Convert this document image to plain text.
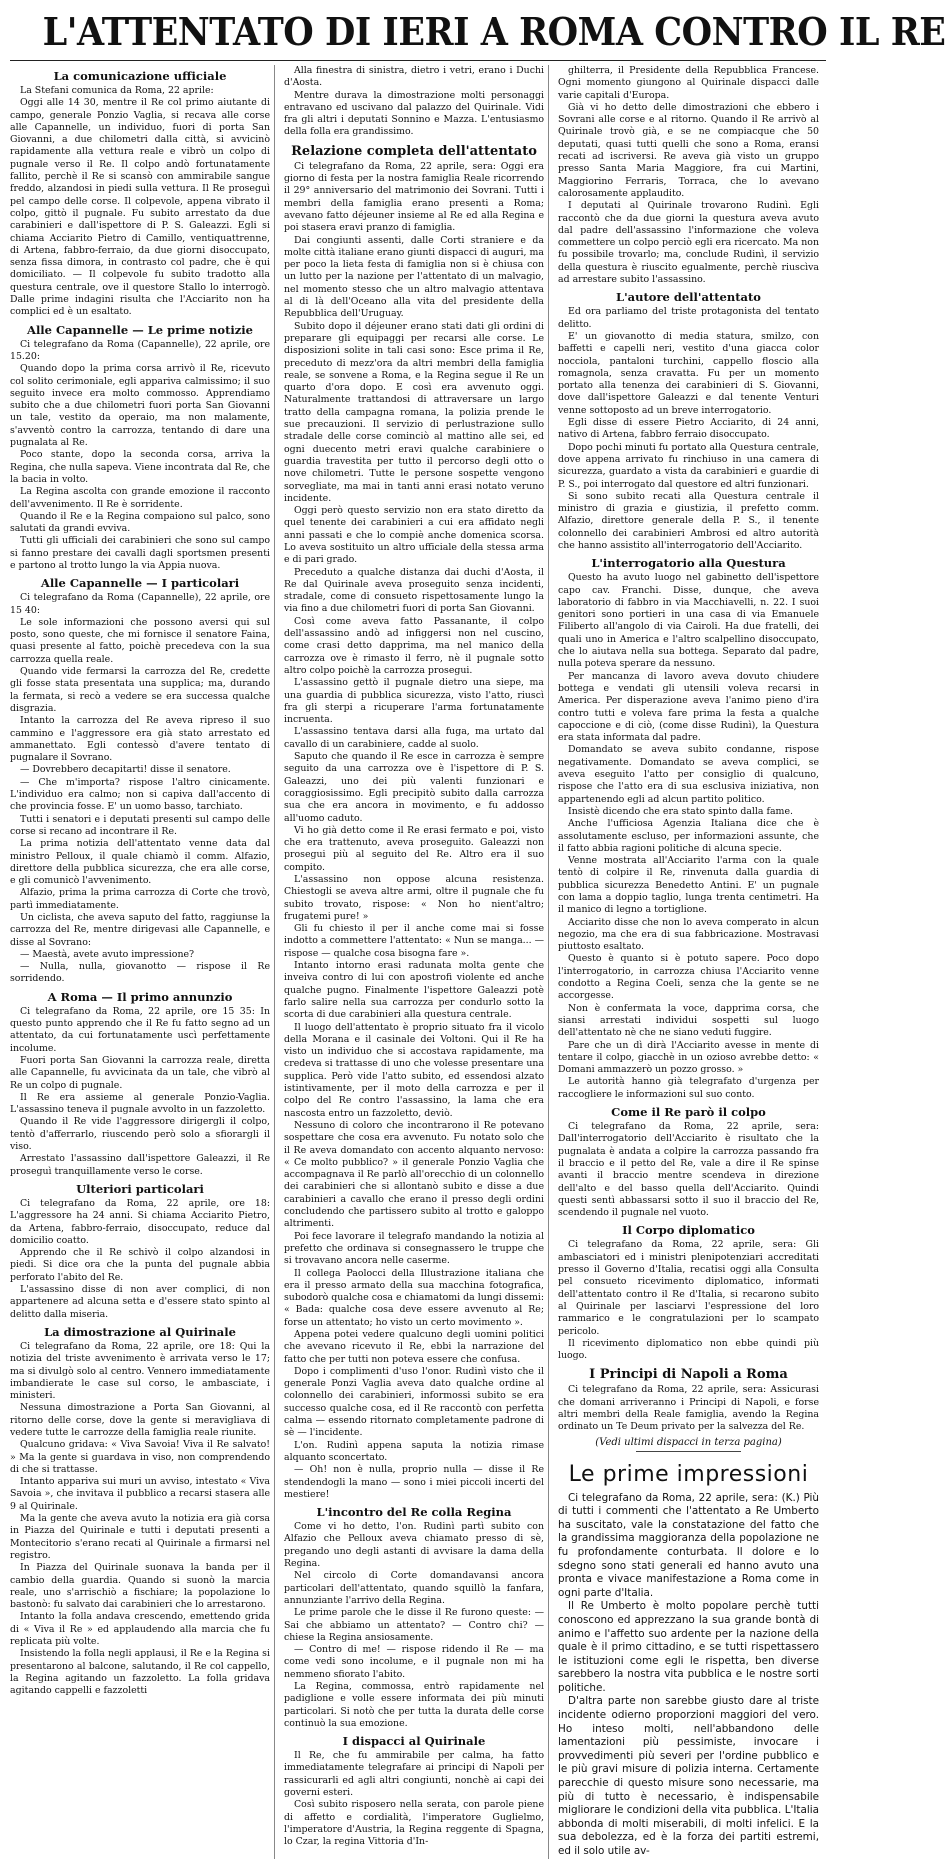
L'ATTENTATO DI IERI A ROMA CONTRO IL RE
La comunicazione ufficiale

La Stefani comunica da Roma, 22 aprile:

Oggi alle 14 30, mentre il Re col primo aiutante di campo, generale Ponzio Vaglia, si recava alle corse alle Capannelle, un individuo, fuori di porta San Giovanni, a due chilometri dalla città, si avvicinò rapidamente alla vettura reale e vibrò un colpo di pugnale verso il Re. Il colpo andò fortunatamente fallito, perchè il Re si scansò con ammirabile sangue freddo, alzandosi in piedi sulla vettura. Il Re proseguì pel campo delle corse. Il colpevole, appena vibrato il colpo, gittò il pugnale. Fu subito arrestato da due carabinieri e dall'ispettore di P. S. Galeazzi. Egli si chiama Acciarito Pietro di Camillo, ventiquattrenne, di Artena, fabbro-ferraio, da due giorni disoccupato, senza fissa dimora, in contrasto col padre, che è qui domiciliato. — Il colpevole fu subito tradotto alla questura centrale, ove il questore Stallo lo interrogò. Dalle prime indagini risulta che l'Acciarito non ha complici ed è un esaltato.

Alle Capannelle — Le prime notizie

Ci telegrafano da Roma (Capannelle), 22 aprile, ore 15.20:

Quando dopo la prima corsa arrivò il Re, ricevuto col solito cerimoniale, egli appariva calmissimo; il suo seguito invece era molto commosso. Apprendiamo subito che a due chilometri fuori porta San Giovanni un tale, vestito da operaio, ma non malamente, s'avventò contro la carrozza, tentando di dare una pugnalata al Re.

Poco stante, dopo la seconda corsa, arriva la Regina, che nulla sapeva. Viene incontrata dal Re, che la bacia in volto.

La Regina ascolta con grande emozione il racconto dell'avvenimento. Il Re è sorridente.

Quando il Re e la Regina compaiono sul palco, sono salutati da grandi evviva.

Tutti gli ufficiali dei carabinieri che sono sul campo si fanno prestare dei cavalli dagli sportsmen presenti e partono al trotto lungo la via Appia nuova.

Alle Capannelle — I particolari

Ci telegrafano da Roma (Capannelle), 22 aprile, ore 15 40:

Le sole informazioni che possono aversi qui sul posto, sono queste, che mi fornisce il senatore Faina, quasi presente al fatto, poichè precedeva con la sua carrozza quella reale.

Quando vide fermarsi la carrozza del Re, credette gli fosse stata presentata una supplica; ma, durando la fermata, si recò a vedere se era successa qualche disgrazia.

Intanto la carrozza del Re aveva ripreso il suo cammino e l'aggressore era già stato arrestato ed ammanettato. Egli contessò d'avere tentato di pugnalare il Sovrano.

— Dovrebbero decapitarti! disse il senatore.

— Che m'importa? rispose l'altro cinicamente. L'individuo era calmo; non si capiva dall'accento di che provincia fosse. E' un uomo basso, tarchiato.

Tutti i senatori e i deputati presenti sul campo delle corse si recano ad incontrare il Re.

La prima notizia dell'attentato venne data dal ministro Pelloux, il quale chiamò il comm. Alfazio, direttore della pubblica sicurezza, che era alle corse, e gli comunicò l'avvenimento.

Alfazio, prima la prima carrozza di Corte che trovò, partì immediatamente.

Un ciclista, che aveva saputo del fatto, raggiunse la carrozza del Re, mentre dirigevasi alle Capannelle, e disse al Sovrano:

— Maestà, avete avuto impressione?

— Nulla, nulla, giovanotto — rispose il Re sorridendo.

A Roma — Il primo annunzio

Ci telegrafano da Roma, 22 aprile, ore 15 35: In questo punto apprendo che il Re fu fatto segno ad un attentato, da cui fortunatamente uscì perfettamente incolume.

Fuori porta San Giovanni la carrozza reale, diretta alle Capannelle, fu avvicinata da un tale, che vibrò al Re un colpo di pugnale.

Il Re era assieme al generale Ponzio-Vaglia. L'assassino teneva il pugnale avvolto in un fazzoletto.

Quando il Re vide l'aggressore dirigergli il colpo, tentò d'afferrarlo, riuscendo però solo a sfiorargli il viso.

Arrestato l'assassino dall'ispettore Galeazzi, il Re proseguì tranquillamente verso le corse.

Ulteriori particolari

Ci telegrafano da Roma, 22 aprile, ore 18: L'aggressore ha 24 anni. Si chiama Acciarito Pietro, da Artena, fabbro-ferraio, disoccupato, reduce dal domicilio coatto.

Apprendo che il Re schivò il colpo alzandosi in piedi. Si dice ora che la punta del pugnale abbia perforato l'abito del Re.

L'assassino disse di non aver complici, di non appartenere ad alcuna setta e d'essere stato spinto al delitto dalla miseria.

La dimostrazione al Quirinale

Ci telegrafano da Roma, 22 aprile, ore 18: Qui la notizia del triste avvenimento è arrivata verso le 17; ma si divulgò solo al centro. Vennero immediatamente imbandierate le case sul corso, le ambasciate, i ministeri.

Nessuna dimostrazione a Porta San Giovanni, al ritorno delle corse, dove la gente si meravigliava di vedere tutte le carrozze della famiglia reale riunite.

Qualcuno gridava: « Viva Savoia! Viva il Re salvato! » Ma la gente si guardava in viso, non comprendendo di che si trattasse.

Intanto appariva sui muri un avviso, intestato « Viva Savoia », che invitava il pubblico a recarsi stasera alle 9 al Quirinale.

Ma la gente che aveva avuto la notizia era già corsa in Piazza del Quirinale e tutti i deputati presenti a Montecitorio s'erano recati al Quirinale a firmarsi nel registro.

In Piazza del Quirinale suonava la banda per il cambio della guardia. Quando si suonò la marcia reale, uno s'arrischiò a fischiare; la popolazione lo bastonò: fu salvato dai carabinieri che lo arrestarono.

Intanto la folla andava crescendo, emettendo grida di « Viva il Re » ed applaudendo alla marcia che fu replicata più volte.

Insistendo la folla negli applausi, il Re e la Regina si presentarono al balcone, salutando, il Re col cappello, la Regina agitando un fazzoletto. La folla gridava agitando cappelli e fazzoletti

Alla finestra di sinistra, dietro i vetri, erano i Duchi d'Aosta.

Mentre durava la dimostrazione molti personaggi entravano ed uscivano dal palazzo del Quirinale. Vidi fra gli altri i deputati Sonnino e Mazza. L'entusiasmo della folla era grandissimo.

Relazione completa dell'attentato

Ci telegrafano da Roma, 22 aprile, sera: Oggi era giorno di festa per la nostra famiglia Reale ricorrendo il 29° anniversario del matrimonio dei Sovrani. Tutti i membri della famiglia erano presenti a Roma; avevano fatto déjeuner insieme al Re ed alla Regina e poi stasera eravi pranzo di famiglia.

Dai congiunti assenti, dalle Corti straniere e da molte città italiane erano giunti dispacci di auguri, ma per poco la lieta festa di famiglia non si è chiusa con un lutto per la nazione per l'attentato di un malvagio, nel momento stesso che un altro malvagio attentava al di là dell'Oceano alla vita del presidente della Repubblica dell'Uruguay.

Subito dopo il déjeuner erano stati dati gli ordini di preparare gli equipaggi per recarsi alle corse. Le disposizioni solite in tali casi sono: Esce prima il Re, preceduto di mezz'ora da altri membri della famiglia reale, se sonvene a Roma, e la Regina segue il Re un quarto d'ora dopo. E così era avvenuto oggi. Naturalmente trattandosi di attraversare un largo tratto della campagna romana, la polizia prende le sue precauzioni. Il servizio di perlustrazione sullo stradale delle corse cominciò al mattino alle sei, ed ogni duecento metri eravi qualche carabiniere o guardia travestita per tutto il percorso degli otto o nove chilometri. Tutte le persone sospette vengono sorvegliate, ma mai in tanti anni erasi notato veruno incidente.

Oggi però questo servizio non era stato diretto da quel tenente dei carabinieri a cui era affidato negli anni passati e che lo compiè anche domenica scorsa. Lo aveva sostituito un altro ufficiale della stessa arma e di pari grado.

Preceduto a qualche distanza dai duchi d'Aosta, il Re dal Quirinale aveva proseguito senza incidenti, stradale, come di consueto rispettosamente lungo la via fino a due chilometri fuori di porta San Giovanni.

Così come aveva fatto Passanante, il colpo dell'assassino andò ad infiggersi non nel cuscino, come crasi detto dapprima, ma nel manico della carrozza ove è rimasto il ferro, nè il pugnale sotto altro colpo poichè la carrozza prosegui.

L'assassino gettò il pugnale dietro una siepe, ma una guardia di pubblica sicurezza, visto l'atto, riuscì fra gli sterpi a ricuperare l'arma fortunatamente incruenta.

L'assassino tentava darsi alla fuga, ma urtato dal cavallo di un carabiniere, cadde al suolo.

Saputo che quando il Re esce in carrozza è sempre seguito da una carrozza ove è l'ispettore di P. S. Galeazzi, uno dei più valenti funzionari e coraggiosissimo. Egli precipitò subito dalla carrozza sua che era ancora in movimento, e fu addosso all'uomo caduto.

Vi ho già detto come il Re erasi fermato e poi, visto che era trattenuto, aveva proseguito. Galeazzi non prosegui più al seguito del Re. Altro era il suo compito.

L'assassino non oppose alcuna resistenza. Chiestogli se aveva altre armi, oltre il pugnale che fu subito trovato, rispose: « Non ho nient'altro; frugatemi pure! »

Gli fu chiesto il per il anche come mai si fosse indotto a commettere l'attentato: « Nun se manga... — rispose — qualche cosa bisogna fare ».

Intanto intorno erasi radunata molta gente che inveiva contro di lui con apostrofi violente ed anche qualche pugno. Finalmente l'ispettore Galeazzi potè farlo salire nella sua carrozza per condurlo sotto la scorta di due carabinieri alla questura centrale.

Il luogo dell'attentato è proprio situato fra il vicolo della Morana e il casinale dei Voltoni. Qui il Re ha visto un individuo che si accostava rapidamente, ma credeva si trattasse di uno che volesse presentare una supplica. Però vide l'atto subito, ed essendosi alzato istintivamente, per il moto della carrozza e per il colpo del Re contro l'assassino, la lama che era nascosta entro un fazzoletto, deviò.

Nessuno di coloro che incontrarono il Re potevano sospettare che cosa era avvenuto. Fu notato solo che il Re aveva domandato con accento alquanto nervoso: « Ce molto pubblico? » il generale Ponzio Vaglia che accompagnava il Re parlò all'orecchio di un colonnello dei carabinieri che si allontanò subito e disse a due carabinieri a cavallo che erano il presso degli ordini concludendo che partissero subito al trotto e galoppo altrimenti.

Poi fece lavorare il telegrafo mandando la notizia al prefetto che ordinava si consegnassero le truppe che si trovavano ancora nelle caserme.

Il collega Paolocci della Illustrazione italiana che era il presso armato della sua macchina fotografica, subodorò qualche cosa e chiamatomi da lungi dissemi: « Bada: qualche cosa deve essere avvenuto al Re; forse un attentato; ho visto un certo movimento ».

Appena potei vedere qualcuno degli uomini politici che avevano ricevuto il Re, ebbi la narrazione del fatto che per tutti non poteva essere che confusa.

Dopo i complimenti d'uso l'onor. Rudinì visto che il generale Ponzi Vaglia aveva dato qualche ordine al colonnello dei carabinieri, informossi subito se era successo qualche cosa, ed il Re raccontò con perfetta calma — essendo ritornato completamente padrone di sè — l'incidente.

L'on. Rudinì appena saputa la notizia rimase alquanto sconcertato.

— Oh! non è nulla, proprio nulla — disse il Re stendendogli la mano — sono i miei piccoli incerti del mestiere!

L'incontro del Re colla Regina

Come vi ho detto, l'on. Rudinì partì subito con Alfazio che Pelloux aveva chiamato presso di sè, pregando uno degli astanti di avvisare la dama della Regina.

Nel circolo di Corte domandavansi ancora particolari dell'attentato, quando squillò la fanfara, annunziante l'arrivo della Regina.

Le prime parole che le disse il Re furono queste: — Sai che abbiamo un attentato? — Contro chi? — chiese la Regina ansiosamente.

— Contro di me! — rispose ridendo il Re — ma come vedi sono incolume, e il pugnale non mi ha nemmeno sfiorato l'abito.

La Regina, commossa, entrò rapidamente nel padiglione e volle essere informata dei più minuti particolari. Si notò che per tutta la durata delle corse continuò la sua emozione.

I dispacci al Quirinale

Il Re, che fu ammirabile per calma, ha fatto immediatamente telegrafare ai principi di Napoli per rassicurarli ed agli altri congiunti, nonchè ai capi dei governi esteri.

Così subito risposero nella serata, con parole piene di affetto e cordialità, l'imperatore Guglielmo, l'imperatore d'Austria, la Regina reggente di Spagna, lo Czar, la regina Vittoria d'In-

ghilterra, il Presidente della Repubblica Francese. Ogni momento giungono al Quirinale dispacci dalle varie capitali d'Europa.

Già vi ho detto delle dimostrazioni che ebbero i Sovrani alle corse e al ritorno. Quando il Re arrivò al Quirinale trovò già, e se ne compiacque che 50 deputati, quasi tutti quelli che sono a Roma, eransi recati ad iscriversi. Re aveva già visto un gruppo presso Santa Maria Maggiore, fra cui Martini, Maggiorino Ferraris, Torraca, che lo avevano calorosamente applaudito.

I deputati al Quirinale trovarono Rudinì. Egli raccontò che da due giorni la questura aveva avuto dal padre dell'assassino l'informazione che voleva commettere un colpo perciò egli era ricercato. Ma non fu possibile trovarlo; ma, conclude Rudinì, il servizio della questura è riuscito egualmente, perchè riuscìva ad arrestare subito l'assassino.

L'autore dell'attentato

Ed ora parliamo del triste protagonista del tentato delitto.

E' un giovanotto di media statura, smilzo, con baffetti e capelli neri, vestito d'una giacca color nocciola, pantaloni turchini, cappello floscio alla romagnola, senza cravatta. Fu per un momento portato alla tenenza dei carabinieri di S. Giovanni, dove dall'ispettore Galeazzi e dal tenente Venturi venne sottoposto ad un breve interrogatorio.

Egli disse di essere Pietro Acciarito, di 24 anni, nativo di Artena, fabbro ferraio disoccupato.

Dopo pochi minuti fu portato alla Questura centrale, dove appena arrivato fu rinchiuso in una camera di sicurezza, guardato a vista da carabinieri e guardie di P. S., poi interrogato dal questore ed altri funzionari.

Si sono subito recati alla Questura centrale il ministro di grazia e giustizia, il prefetto comm. Alfazio, direttore generale della P. S., il tenente colonnello dei carabinieri Ambrosi ed altro autorità che hanno assistito all'interrogatorio dell'Acciarito.

L'interrogatorio alla Questura

Questo ha avuto luogo nel gabinetto dell'ispettore capo cav. Franchi. Disse, dunque, che aveva laboratorio di fabbro in via Macchiavelli, n. 22. I suoi genitori sono portieri in una casa di via Emanuele Filiberto all'angolo di via Cairoli. Ha due fratelli, dei quali uno in America e l'altro scalpellino disoccupato, che lo aiutava nella sua bottega. Separato dal padre, nulla poteva sperare da nessuno.

Per mancanza di lavoro aveva dovuto chiudere bottega e vendati gli utensili voleva recarsi in America. Per disperazione aveva l'animo pieno d'ira contro tutti e voleva fare prima la festa a qualche capoccione e di ciò, (come disse Rudinì), la Questura era stata informata dal padre.

Domandato se aveva subito condanne, rispose negativamente. Domandato se aveva complici, se aveva eseguito l'atto per consiglio di qualcuno, rispose che l'atto era di sua esclusiva iniziativa, non appartenendo egli ad alcun partito politico.

Insistè dicendo che era stato spinto dalla fame.

Anche l'ufficiosa Agenzia Italiana dice che è assolutamente escluso, per informazioni assunte, che il fatto abbia ragioni politiche di alcuna specie.

Venne mostrata all'Acciarito l'arma con la quale tentò di colpire il Re, rinvenuta dalla guardia di pubblica sicurezza Benedetto Antini. E' un pugnale con lama a doppio taglio, lunga trenta centimetri. Ha il manico di legno a tortiglione.

Acciarito disse che non lo aveva comperato in alcun negozio, ma che era di sua fabbricazione. Mostravasi piuttosto esaltato.

Questo è quanto si è potuto sapere. Poco dopo l'interrogatorio, in carrozza chiusa l'Acciarito venne condotto a Regina Coeli, senza che la gente se ne accorgesse.

Non è confermata la voce, dapprima corsa, che siansi arrestati individui sospetti sul luogo dell'attentato nè che ne siano veduti fuggire.

Pare che un dì dirà l'Acciarito avesse in mente di tentare il colpo, giacchè in un ozioso avrebbe detto: « Domani ammazzerò un pozzo grosso. »

Le autorità hanno già telegrafato d'urgenza per raccogliere le informazioni sul suo conto.

Come il Re parò il colpo

Ci telegrafano da Roma, 22 aprile, sera: Dall'interrogatorio dell'Acciarito è risultato che la pugnalata è andata a colpire la carrozza passando fra il braccio e il petto del Re, vale a dire il Re spinse avanti il braccio mentre scendeva in direzione dell'alto e del basso quella dell'Acciarito. Quindi questi sentì abbassarsi sotto il suo il braccio del Re, scendendo il pugnale nel vuoto.

Il Corpo diplomatico

Ci telegrafano da Roma, 22 aprile, sera: Gli ambasciatori ed i ministri plenipotenziari accreditati presso il Governo d'Italia, recatisi oggi alla Consulta pel consueto ricevimento diplomatico, informati dell'attentato contro il Re d'Italia, si recarono subito al Quirinale per lasciarvi l'espressione del loro rammarico e le congratulazioni per lo scampato pericolo.

Il ricevimento diplomatico non ebbe quindi più luogo.

I Principi di Napoli a Roma

Ci telegrafano da Roma, 22 aprile, sera: Assicurasi che domani arriveranno i Principi di Napoli, e forse altri membri della Reale famiglia, avendo la Regina ordinato un Te Deum privato per la salvezza del Re.

(Vedi ultimi dispacci in terza pagina)
Le prime impressioni

Ci telegrafano da Roma, 22 aprile, sera: (K.) Più di tutti i commenti che l'attentato a Re Umberto ha suscitato, vale la constatazione del fatto che la grandissima maggioranza della popolazione ne fu profondamente conturbata. Il dolore e lo sdegno sono stati generali ed hanno avuto una pronta e vivace manifestazione a Roma come in ogni parte d'Italia.

Il Re Umberto è molto popolare perchè tutti conoscono ed apprezzano la sua grande bontà di animo e l'affetto suo ardente per la nazione della quale è il primo cittadino, e se tutti rispettassero le istituzioni come egli le rispetta, ben diverse sarebbero la nostra vita pubblica e le nostre sorti politiche.

D'altra parte non sarebbe giusto dare al triste incidente odierno proporzioni maggiori del vero. Ho inteso molti, nell'abbandono delle lamentazioni più pessimiste, invocare i provvedimenti più severi per l'ordine pubblico e le più gravi misure di polizia interna. Certamente parecchie di questo misure sono necessarie, ma più di tutto è necessario, è indispensabile migliorare le condizioni della vita pubblica. L'Italia abbonda di molti miserabili, di molti infelici. E la sua debolezza, ed è la forza dei partiti estremi, ed il solo utile av-
